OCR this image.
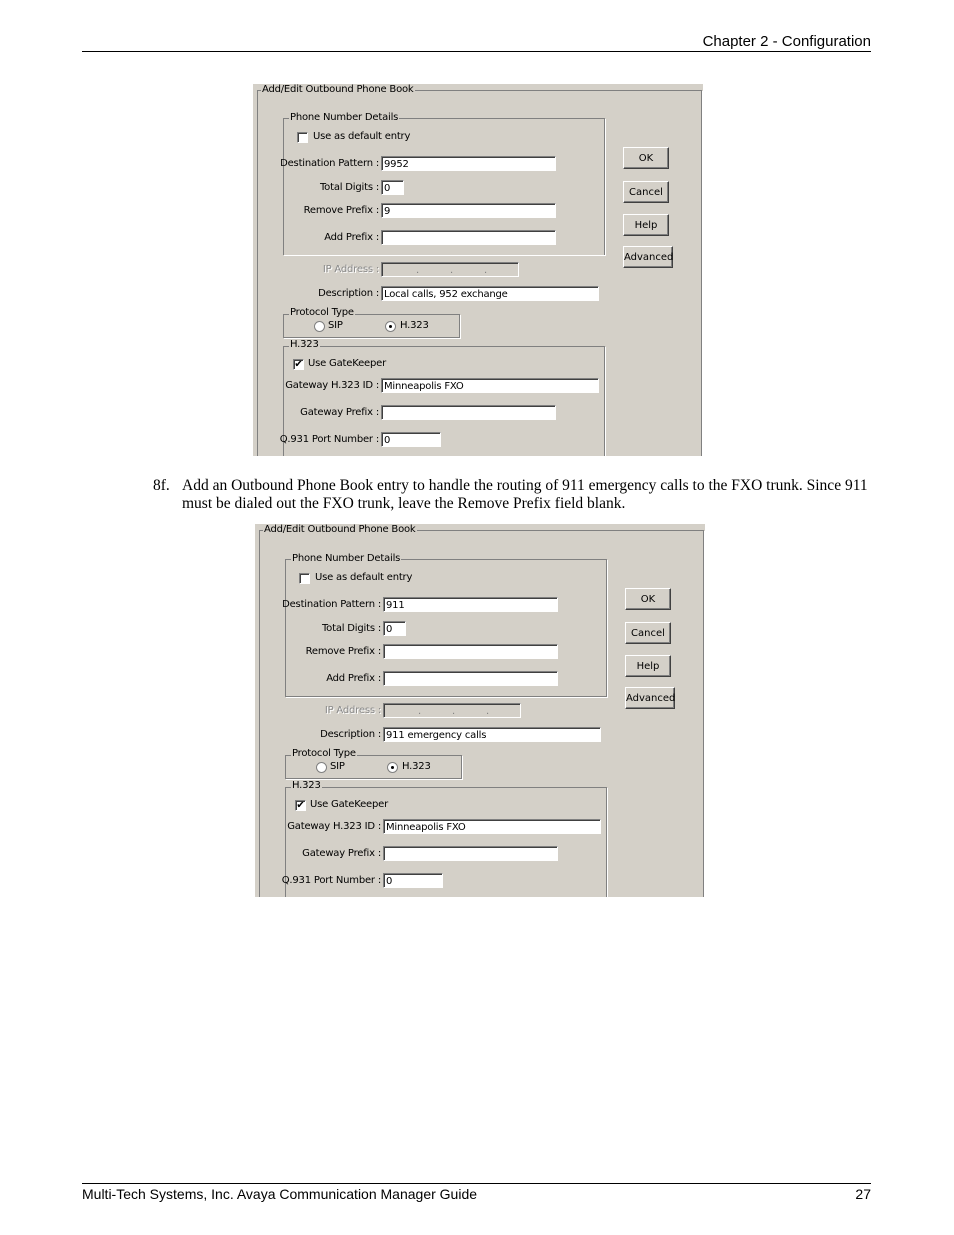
Chapter 2 - Configuration
Add/Edit Outbound Phone Book
Phone Number Details
Use as default entry
Destination Pattern : 9952
Total Digits : 0
Remove Prefix : 9
Add Prefix :
IP Address :	.	.	.
Description : Local calls, 952 exchange
Protocol Type
SIP	H.323
H.323
✔ Use GateKeeper
Gateway H.323 ID : Minneapolis FXO
Gateway Prefix :
Q.931 Port Number : 0
OK
Cancel
Help
Advanced
8f. Add an Outbound Phone Book entry to handle the routing of 911 emergency calls to the FXO trunk. Since 911 must be dialed out the FXO trunk, leave the Remove Prefix field blank.
Add/Edit Outbound Phone Book
Phone Number Details
Use as default entry
Destination Pattern : 911
Total Digits : 0
Remove Prefix :
Add Prefix :
IP Address :	.	.	.
Description : 911 emergency calls
Protocol Type
SIP	H.323
H.323
✔ Use GateKeeper
Gateway H.323 ID : Minneapolis FXO
Gateway Prefix :
Q.931 Port Number : 0
OK
Cancel
Help
Advanced
Multi-Tech Systems, Inc. Avaya Communication Manager Guide	27
